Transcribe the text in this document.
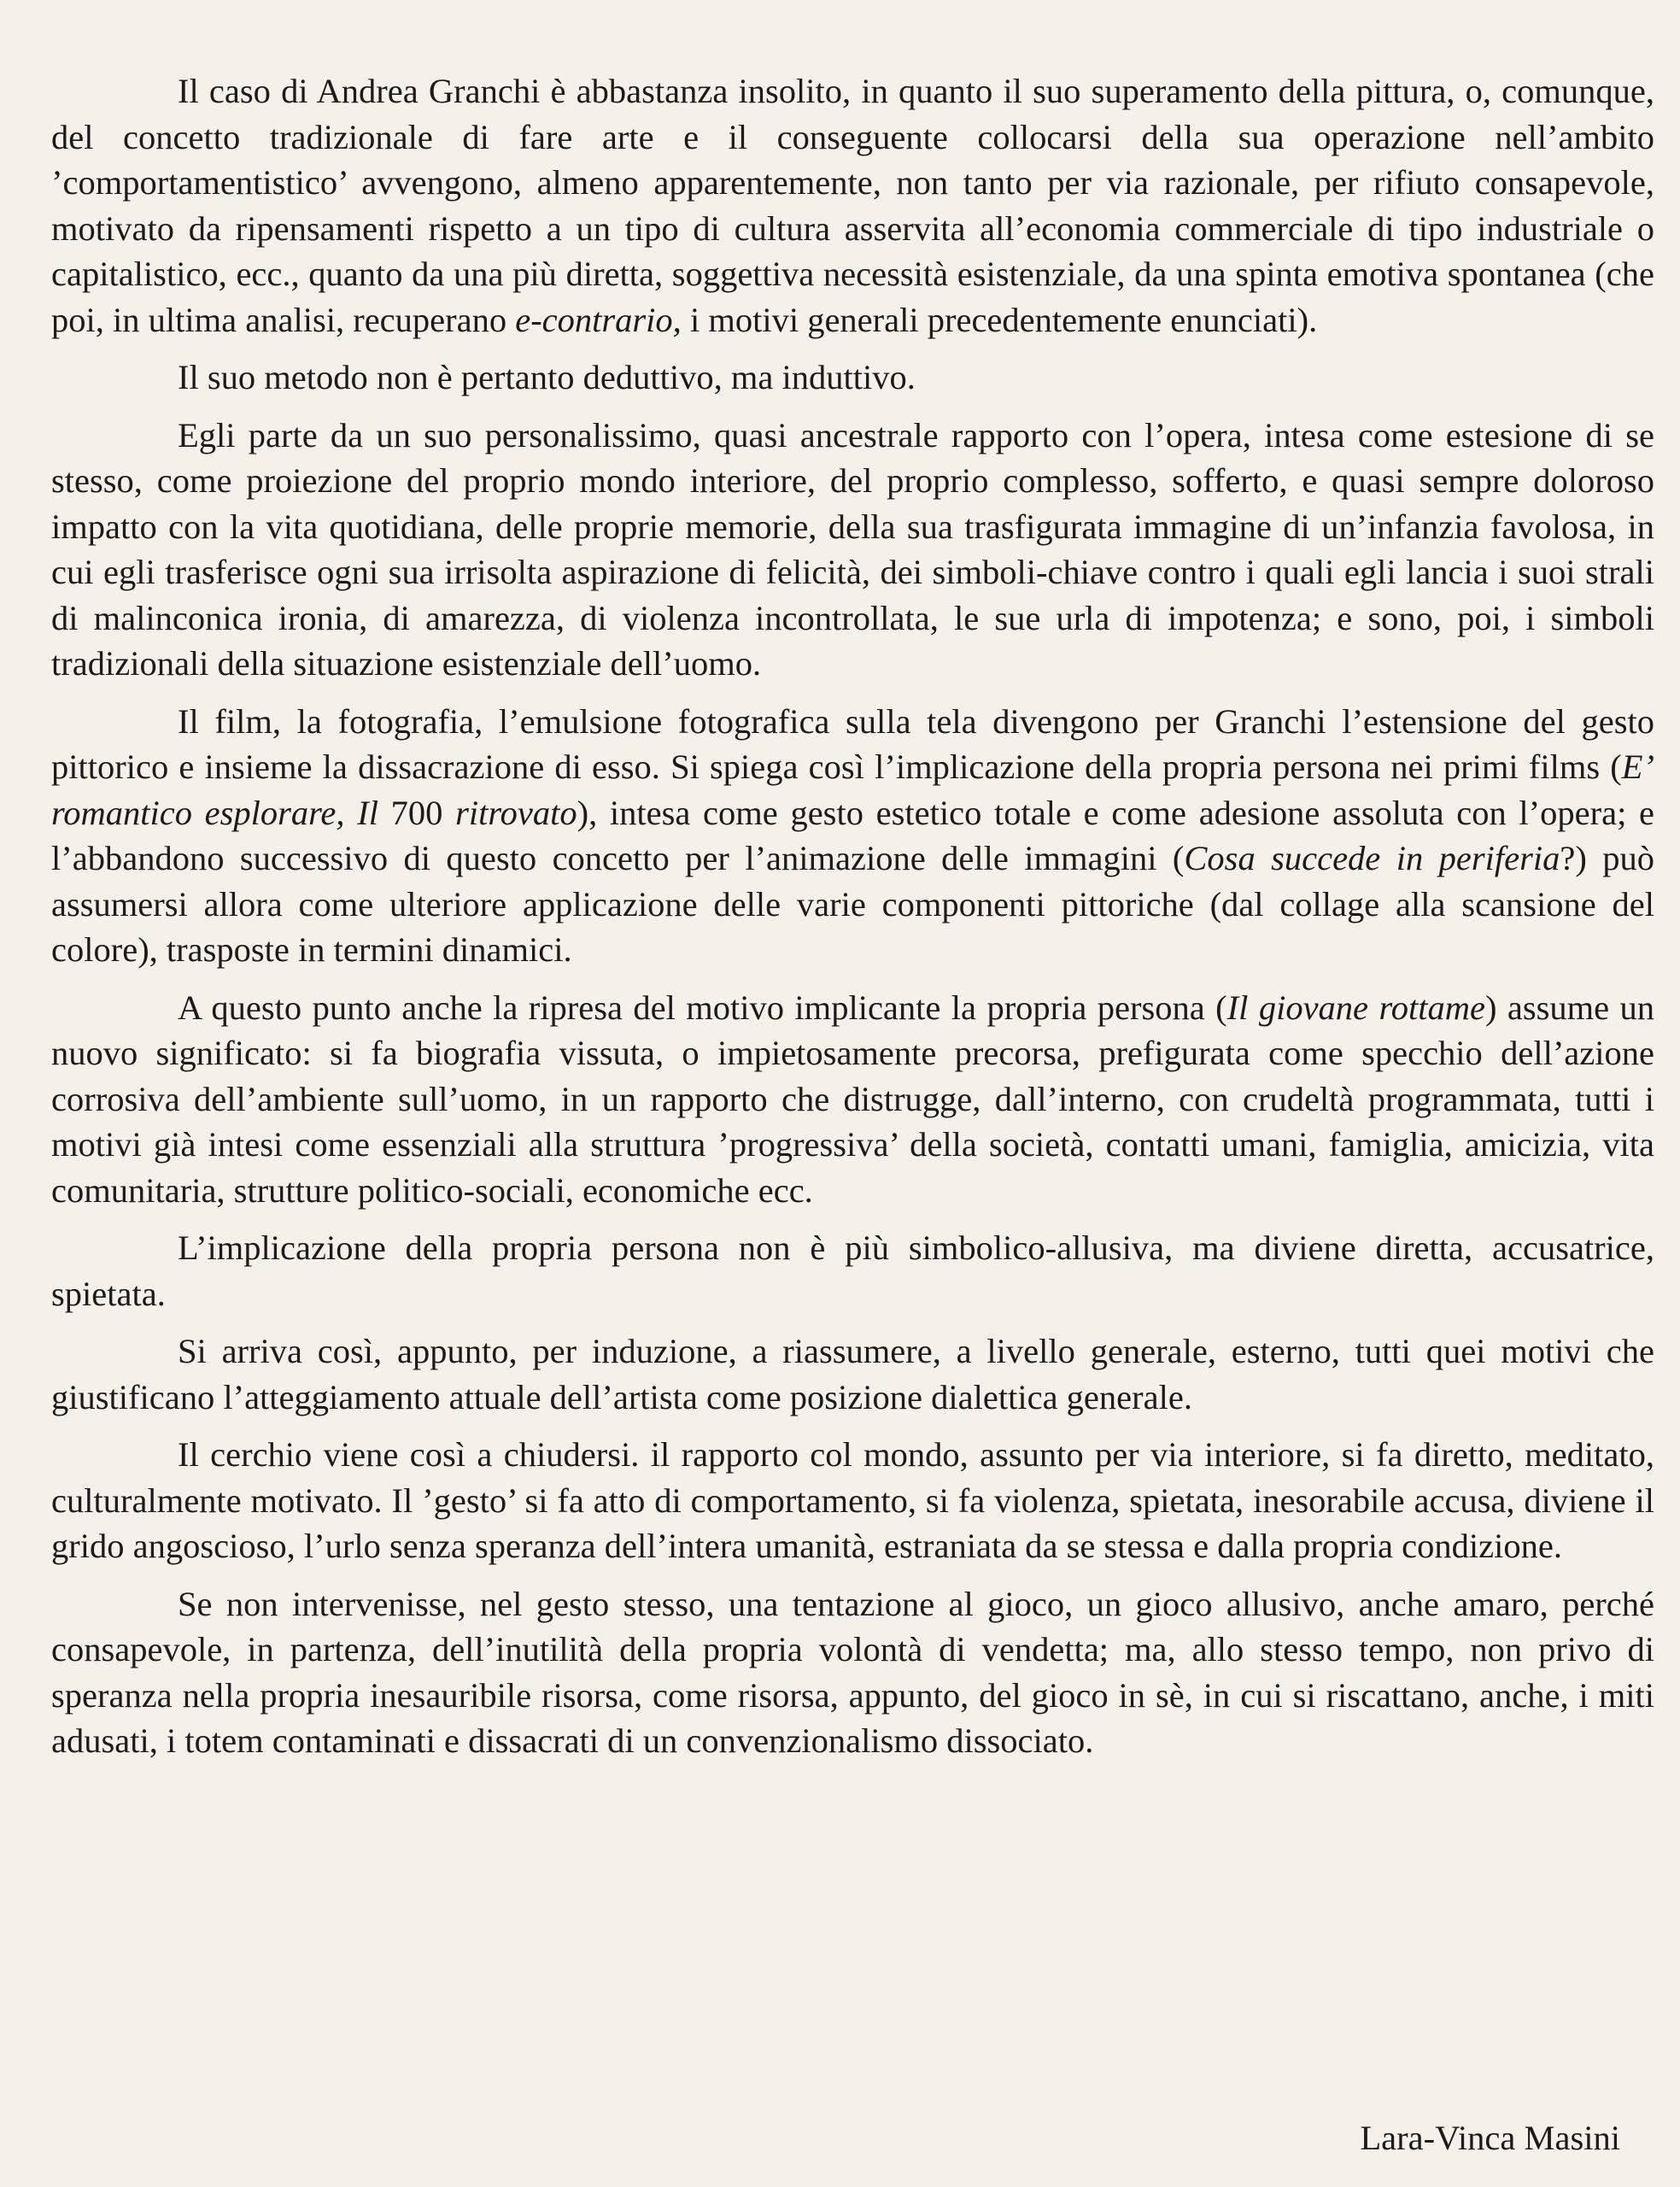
Il caso di Andrea Granchi è abbastanza insolito, in quanto il suo superamento della pittura, o, comunque, del concetto tradizionale di fare arte e il conseguente collocarsi della sua operazione nell’ambito ’comportamentistico’ avvengono, almeno apparentemente, non tanto per via razionale, per rifiuto consapevole, motivato da ripensamenti rispetto a un tipo di cultura asservita all’economia commerciale di tipo industriale o capitalistico, ecc., quanto da una più diretta, soggettiva necessità esistenziale, da una spinta emotiva spontanea (che poi, in ultima analisi, recuperano e-contrario, i motivi generali precedentemente enunciati).

Il suo metodo non è pertanto deduttivo, ma induttivo.

Egli parte da un suo personalissimo, quasi ancestrale rapporto con l’opera, intesa come estesione di se stesso, come proiezione del proprio mondo interiore, del proprio complesso, sofferto, e quasi sempre doloroso impatto con la vita quotidiana, delle proprie memorie, della sua trasfigurata immagine di un’infanzia favolosa, in cui egli trasferisce ogni sua irrisolta aspirazione di felicità, dei simboli-chiave contro i quali egli lancia i suoi strali di malinconica ironia, di amarezza, di violenza incontrollata, le sue urla di impotenza; e sono, poi, i simboli tradizionali della situazione esistenziale dell’uomo.

Il film, la fotografia, l’emulsione fotografica sulla tela divengono per Granchi l’estensione del gesto pittorico e insieme la dissacrazione di esso. Si spiega così l’implicazione della propria persona nei primi films (E’ romantico esplorare, Il 700 ritrovato), intesa come gesto estetico totale e come adesione assoluta con l’opera; e l’abbandono successivo di questo concetto per l’animazione delle immagini (Cosa succede in periferia?) può assumersi allora come ulteriore applicazione delle varie componenti pittoriche (dal collage alla scansione del colore), trasposte in termini dinamici.

A questo punto anche la ripresa del motivo implicante la propria persona (Il giovane rottame) assume un nuovo significato: si fa biografia vissuta, o impietosamente precorsa, prefigurata come specchio dell’azione corrosiva dell’ambiente sull’uomo, in un rapporto che distrugge, dall’interno, con crudeltà programmata, tutti i motivi già intesi come essenziali alla struttura ’progressiva’ della società, contatti umani, famiglia, amicizia, vita comunitaria, strutture politico-sociali, economiche ecc.

L’implicazione della propria persona non è più simbolico-allusiva, ma diviene diretta, accusatrice, spietata.

Si arriva così, appunto, per induzione, a riassumere, a livello generale, esterno, tutti quei motivi che giustificano l’atteggiamento attuale dell’artista come posizione dialettica generale.

Il cerchio viene così a chiudersi. il rapporto col mondo, assunto per via interiore, si fa diretto, meditato, culturalmente motivato. Il ’gesto’ si fa atto di comportamento, si fa violenza, spietata, inesorabile accusa, diviene il grido angoscioso, l’urlo senza speranza dell’intera umanità, estraniata da se stessa e dalla propria condizione.

Se non intervenisse, nel gesto stesso, una tentazione al gioco, un gioco allusivo, anche amaro, perché consapevole, in partenza, dell’inutilità della propria volontà di vendetta; ma, allo stesso tempo, non privo di speranza nella propria inesauribile risorsa, come risorsa, appunto, del gioco in sè, in cui si riscattano, anche, i miti adusati, i totem contaminati e dissacrati di un convenzionalismo dissociato.

Lara-Vinca Masini
